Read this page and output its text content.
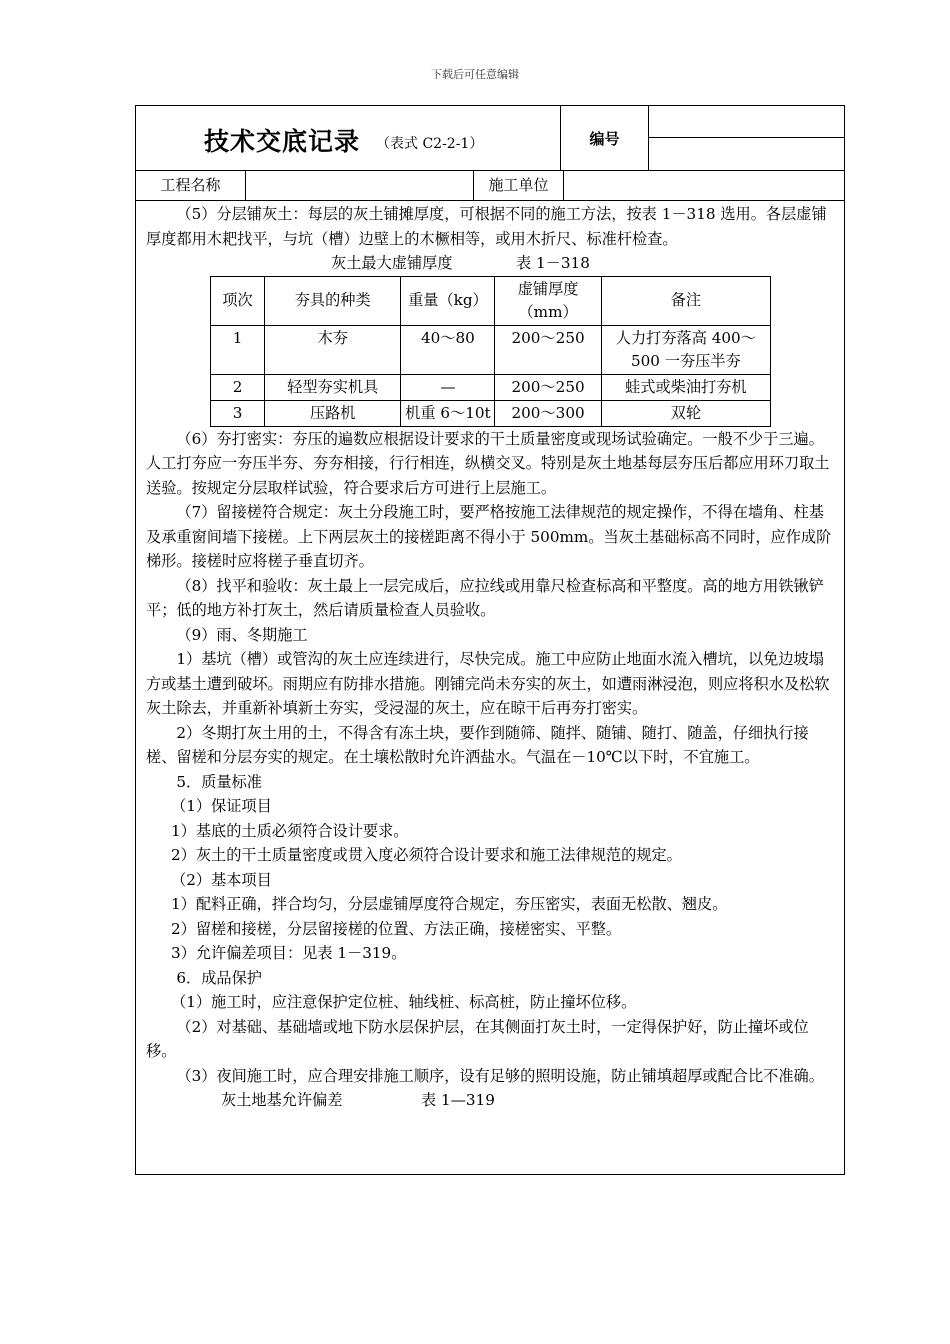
下载后可任意编辑
技术交底记录 （表式 C2-2-1）	编号
工程名称	施工单位

（5）分层铺灰土：每层的灰土铺摊厚度，可根据不同的施工方法，按表 1－318 选用。各层虚铺厚度都用木耙找平，与坑（槽）边壁上的木橛相等，或用木折尺、标准杆检查。

灰土最大虚铺厚度	表 1－318
项次	夯具的种类	重量（kg）	虚铺厚度（mm）	备注
1	木夯	40～80	200～250	人力打夯落高 400～500 一夯压半夯
2	轻型夯实机具	—	200～250	蛙式或柴油打夯机
3	压路机	机重 6～10t	200～300	双轮

（6）夯打密实：夯压的遍数应根据设计要求的干土质量密度或现场试验确定。一般不少于三遍。人工打夯应一夯压半夯、夯夯相接，行行相连，纵横交叉。特别是灰土地基每层夯压后都应用环刀取土送验。按规定分层取样试验，符合要求后方可进行上层施工。

（7）留接槎符合规定：灰土分段施工时，要严格按施工法律规范的规定操作，不得在墙角、柱基及承重窗间墙下接槎。上下两层灰土的接槎距离不得小于 500mm。当灰土基础标高不同时，应作成阶梯形。接槎时应将槎子垂直切齐。

（8）找平和验收：灰土最上一层完成后，应拉线或用靠尺检查标高和平整度。高的地方用铁锹铲平；低的地方补打灰土，然后请质量检查人员验收。

（9）雨、冬期施工

1）基坑（槽）或管沟的灰土应连续进行，尽快完成。施工中应防止地面水流入槽坑，以免边坡塌方或基土遭到破坏。雨期应有防排水措施。刚铺完尚未夯实的灰土，如遭雨淋浸泡，则应将积水及松软灰土除去，并重新补填新土夯实，受浸湿的灰土，应在晾干后再夯打密实。

2）冬期打灰土用的土，不得含有冻土块，要作到随筛、随拌、随铺、随打、随盖，仔细执行接槎、留槎和分层夯实的规定。在土壤松散时允许洒盐水。气温在－10℃以下时，不宜施工。

5．质量标准

（1）保证项目

1）基底的土质必须符合设计要求。

2）灰土的干土质量密度或贯入度必须符合设计要求和施工法律规范的规定。

（2）基本项目

1）配料正确，拌合均匀，分层虚铺厚度符合规定，夯压密实，表面无松散、翘皮。

2）留槎和接槎，分层留接槎的位置、方法正确，接槎密实、平整。

3）允许偏差项目：见表 1－319。

6．成品保护

（1）施工时，应注意保护定位桩、轴线桩、标高桩，防止撞坏位移。

（2）对基础、基础墙或地下防水层保护层，在其侧面打灰土时，一定得保护好，防止撞坏或位移。

（3）夜间施工时，应合理安排施工顺序，设有足够的照明设施，防止铺填超厚或配合比不准确。

灰土地基允许偏差	表 1—319
